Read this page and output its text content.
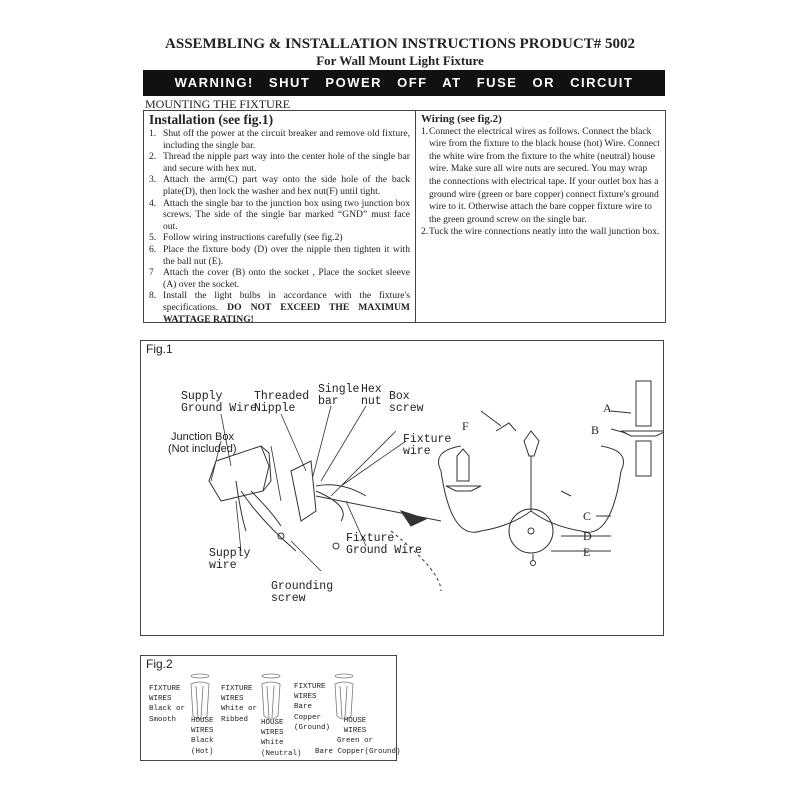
ASSEMBLING & INSTALLATION INSTRUCTIONS PRODUCT# 5002
For Wall Mount Light Fixture
WARNING! SHUT POWER OFF AT FUSE OR CIRCUIT BREAKER .
MOUNTING THE FIXTURE
Installation (see fig.1)
1. Shut off the power at the circuit breaker and remove old fixture, including the single bar.
2. Thread the nipple part way into the center hole of the single bar and secure with hex nut.
3. Attach the arm(C) part way onto the side hole of the back plate(D), then lock the washer and hex nut(F) until tight.
4. Attach the single bar to the junction box using two junction box screws. The side of the single bar marked “GND” must face out.
5. Follow wiring instructions carefully (see fig.2)
6. Place the fixture body (D) over the nipple then tighten it with the ball nut (E).
7 Attach the cover (B) onto the socket , Place the socket sleeve (A) over the socket.
8. Install the light bulbs in accordance with the fixture's specifications. DO NOT EXCEED THE MAXIMUM WATTAGE RATING!
Wiring (see fig.2)
1. Connect the electrical wires as follows. Connect the black wire from the fixture to the black house (hot) Wire. Connect the white wire from the fixture to the white (neutral) house wire. Make sure all wire nuts are secured. You may wrap the connections with electrical tape. If your outlet box has a ground wire (green or bare copper) connect fixture's ground wire to it. Otherwise attach the bare copper fixture wire to the green ground screw on the single bar.
2. Tuck the wire connections neatly into the wall junction box.
Fig.1
Supply
Ground Wire
Threaded
Nipple
Single
bar
Hex
nut Box
screw
Junction Box
(Not included)
Fixture
wire
Supply
wire
Fixture
Ground Wire
Grounding
screw
A
B
C
D
E
F
Fig.2
FIXTURE
WIRES
Black or
Smooth	HOUSE
WIRES
Black
(Hot)
FIXTURE
WIRES
White or
Ribbed	HOUSE
WIRES
White
(Neutral)
FIXTURE
WIRES
Bare
Copper
(Ground)
HOUSE
WIRES
Green or
Bare Copper(Ground)
